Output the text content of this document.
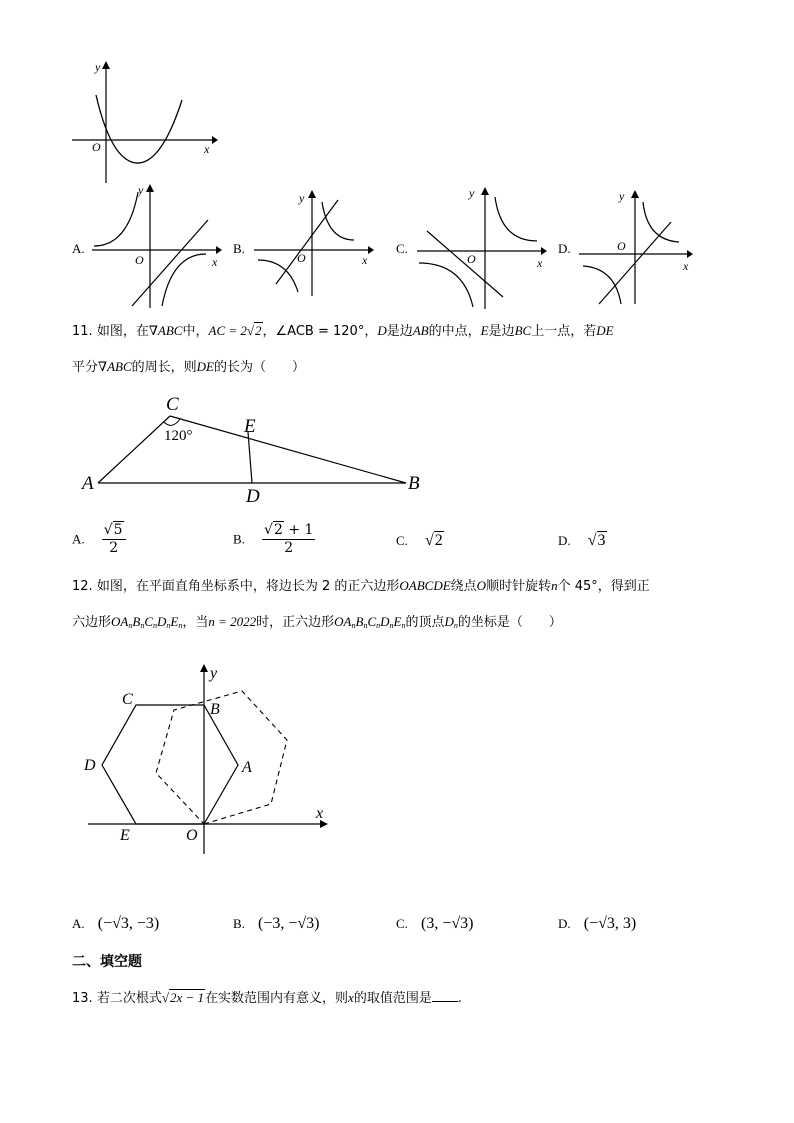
y
x
O
A.
y
x
O
B.
y
x
O
C.
y
x
O
D.
y
x
O
11. 如图，在∇ABC中，AC = 2√2，∠ACB = 120°，D是边AB的中点，E是边BC上一点，若DE
平分∇ABC的周长，则DE的长为（　　）
C
E
A
D
B
120°
A. $\frac{√5}{2}$	B. $\frac{√2 + 1}{2}$	C. √2	D. √3
12. 如图，在平面直角坐标系中，将边长为 2 的正六边形OABCDE绕点O顺时针旋转n个 45°，得到正
六边形$OA_nB_nC_nD_nE_n$，当n = 2022时，正六边形$OA_nB_nC_nD_nE_n$的顶点$D_n$的坐标是（　　）
y
x
C
B
D	A
E	O
A. (−√3, −3)	B. (−3, −√3)	C. (3, −√3)	D. (−√3, 3)
二、填空题
13. 若二次根式√2x − 1在实数范围内有意义，则x的取值范围是 .
